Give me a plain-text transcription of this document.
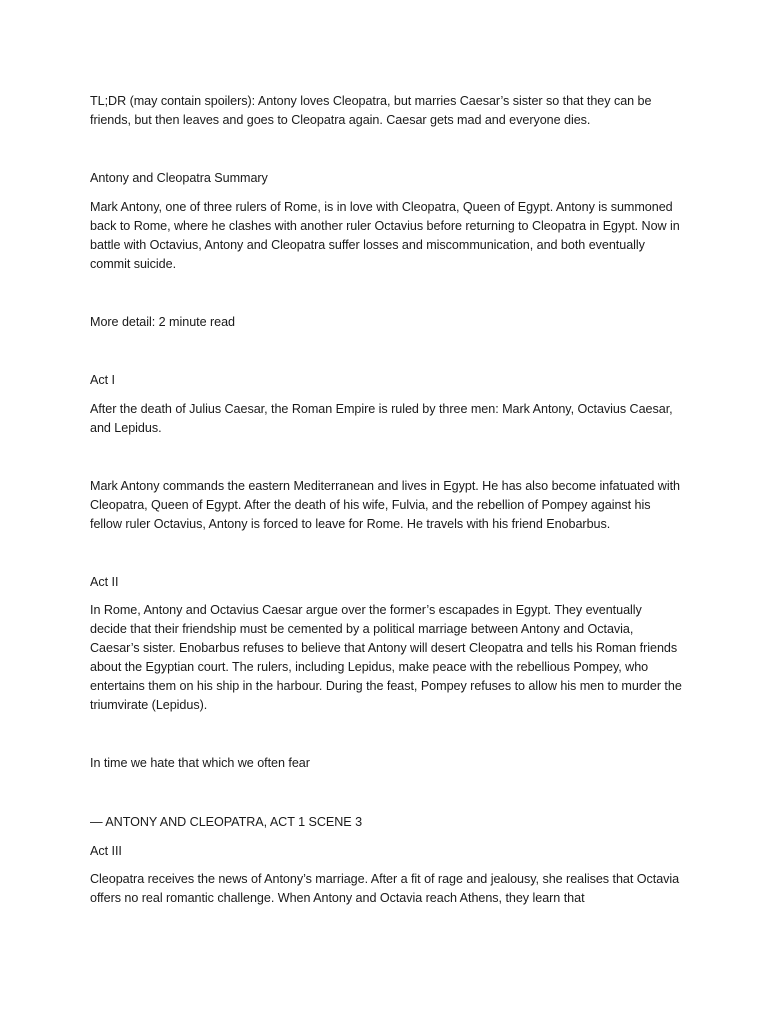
TL;DR (may contain spoilers): Antony loves Cleopatra, but marries Caesar’s sister so that they can be friends, but then leaves and goes to Cleopatra again. Caesar gets mad and everyone dies.

Antony and Cleopatra Summary

Mark Antony, one of three rulers of Rome, is in love with Cleopatra, Queen of Egypt. Antony is summoned back to Rome, where he clashes with another ruler Octavius before returning to Cleopatra in Egypt. Now in battle with Octavius, Antony and Cleopatra suffer losses and miscommunication, and both eventually commit suicide.

More detail: 2 minute read

Act I

After the death of Julius Caesar, the Roman Empire is ruled by three men: Mark Antony, Octavius Caesar, and Lepidus.

Mark Antony commands the eastern Mediterranean and lives in Egypt. He has also become infatuated with Cleopatra, Queen of Egypt. After the death of his wife, Fulvia, and the rebellion of Pompey against his fellow ruler Octavius, Antony is forced to leave for Rome. He travels with his friend Enobarbus.

Act II

In Rome, Antony and Octavius Caesar argue over the former’s escapades in Egypt. They eventually decide that their friendship must be cemented by a political marriage between Antony and Octavia, Caesar’s sister. Enobarbus refuses to believe that Antony will desert Cleopatra and tells his Roman friends about the Egyptian court. The rulers, including Lepidus, make peace with the rebellious Pompey, who entertains them on his ship in the harbour. During the feast, Pompey refuses to allow his men to murder the triumvirate (Lepidus).

In time we hate that which we often fear

— ANTONY AND CLEOPATRA, ACT 1 SCENE 3

Act III

Cleopatra receives the news of Antony’s marriage. After a fit of rage and jealousy, she realises that Octavia offers no real romantic challenge. When Antony and Octavia reach Athens, they learn that
